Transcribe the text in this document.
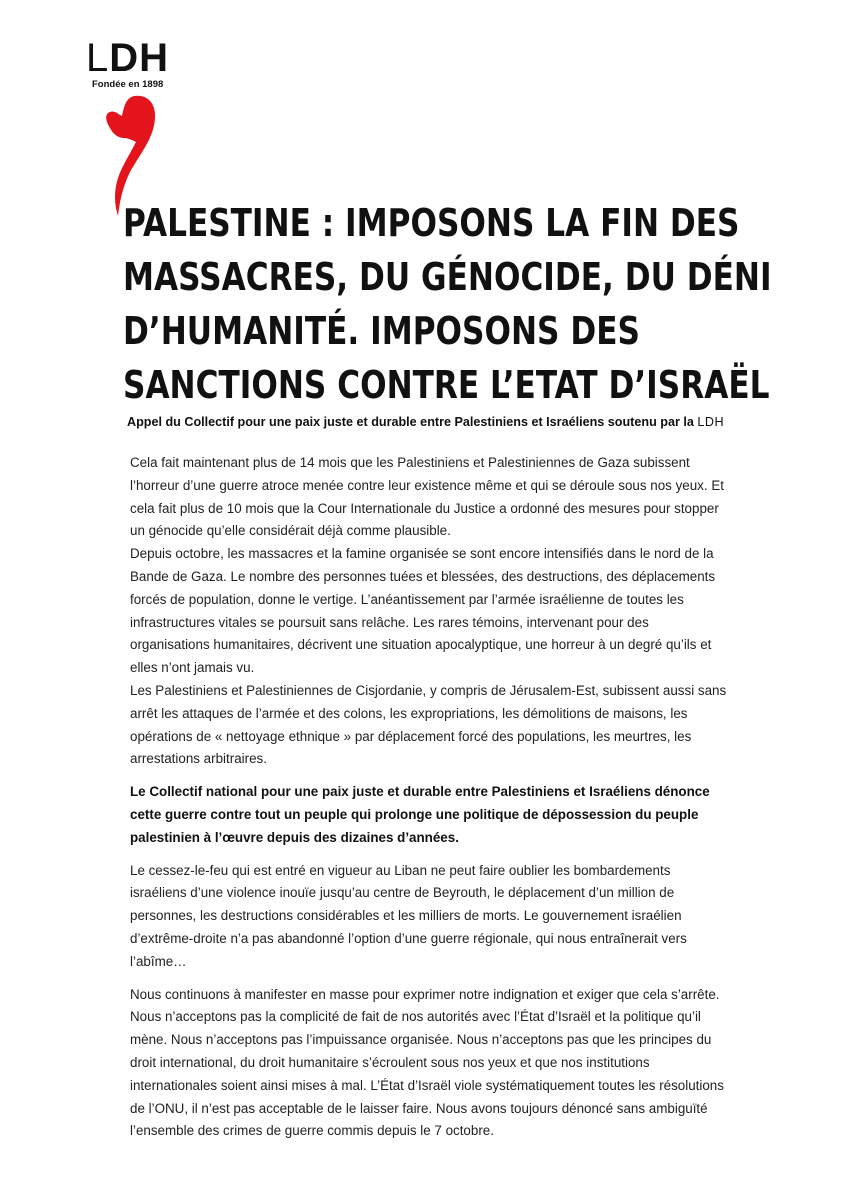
LDH
Fondée en 1898
PALESTINE : IMPOSONS LA FIN DES
MASSACRES, DU GÉNOCIDE, DU DÉNI
D’HUMANITÉ. IMPOSONS DES
SANCTIONS CONTRE L’ETAT D’ISRAËL

Appel du Collectif pour une paix juste et durable entre Palestiniens et Israéliens soutenu par la LDH

Cela fait maintenant plus de 14 mois que les Palestiniens et Palestiniennes de Gaza subissent
l’horreur d’une guerre atroce menée contre leur existence même et qui se déroule sous nos yeux. Et
cela fait plus de 10 mois que la Cour Internationale du Justice a ordonné des mesures pour stopper
un génocide qu’elle considérait déjà comme plausible.

Depuis octobre, les massacres et la famine organisée se sont encore intensifiés dans le nord de la
Bande de Gaza. Le nombre des personnes tuées et blessées, des destructions, des déplacements
forcés de population, donne le vertige. L’anéantissement par l’armée israélienne de toutes les
infrastructures vitales se poursuit sans relâche. Les rares témoins, intervenant pour des
organisations humanitaires, décrivent une situation apocalyptique, une horreur à un degré qu’ils et
elles n’ont jamais vu.

Les Palestiniens et Palestiniennes de Cisjordanie, y compris de Jérusalem-Est, subissent aussi sans
arrêt les attaques de l’armée et des colons, les expropriations, les démolitions de maisons, les
opérations de « nettoyage ethnique » par déplacement forcé des populations, les meurtres, les
arrestations arbitraires.

Le Collectif national pour une paix juste et durable entre Palestiniens et Israéliens dénonce
cette guerre contre tout un peuple qui prolonge une politique de dépossession du peuple
palestinien à l’œuvre depuis des dizaines d’années.

Le cessez-le-feu qui est entré en vigueur au Liban ne peut faire oublier les bombardements
israéliens d’une violence inouïe jusqu’au centre de Beyrouth, le déplacement d’un million de
personnes, les destructions considérables et les milliers de morts. Le gouvernement israélien
d’extrême-droite n’a pas abandonné l’option d’une guerre régionale, qui nous entraînerait vers
l’abîme…

Nous continuons à manifester en masse pour exprimer notre indignation et exiger que cela s’arrête.
Nous n’acceptons pas la complicité de fait de nos autorités avec l’État d’Israël et la politique qu’il
mène. Nous n’acceptons pas l’impuissance organisée. Nous n’acceptons pas que les principes du
droit international, du droit humanitaire s’écroulent sous nos yeux et que nos institutions
internationales soient ainsi mises à mal. L’État d’Israël viole systématiquement toutes les résolutions
de l’ONU, il n’est pas acceptable de le laisser faire. Nous avons toujours dénoncé sans ambiguïté
l’ensemble des crimes de guerre commis depuis le 7 octobre.
